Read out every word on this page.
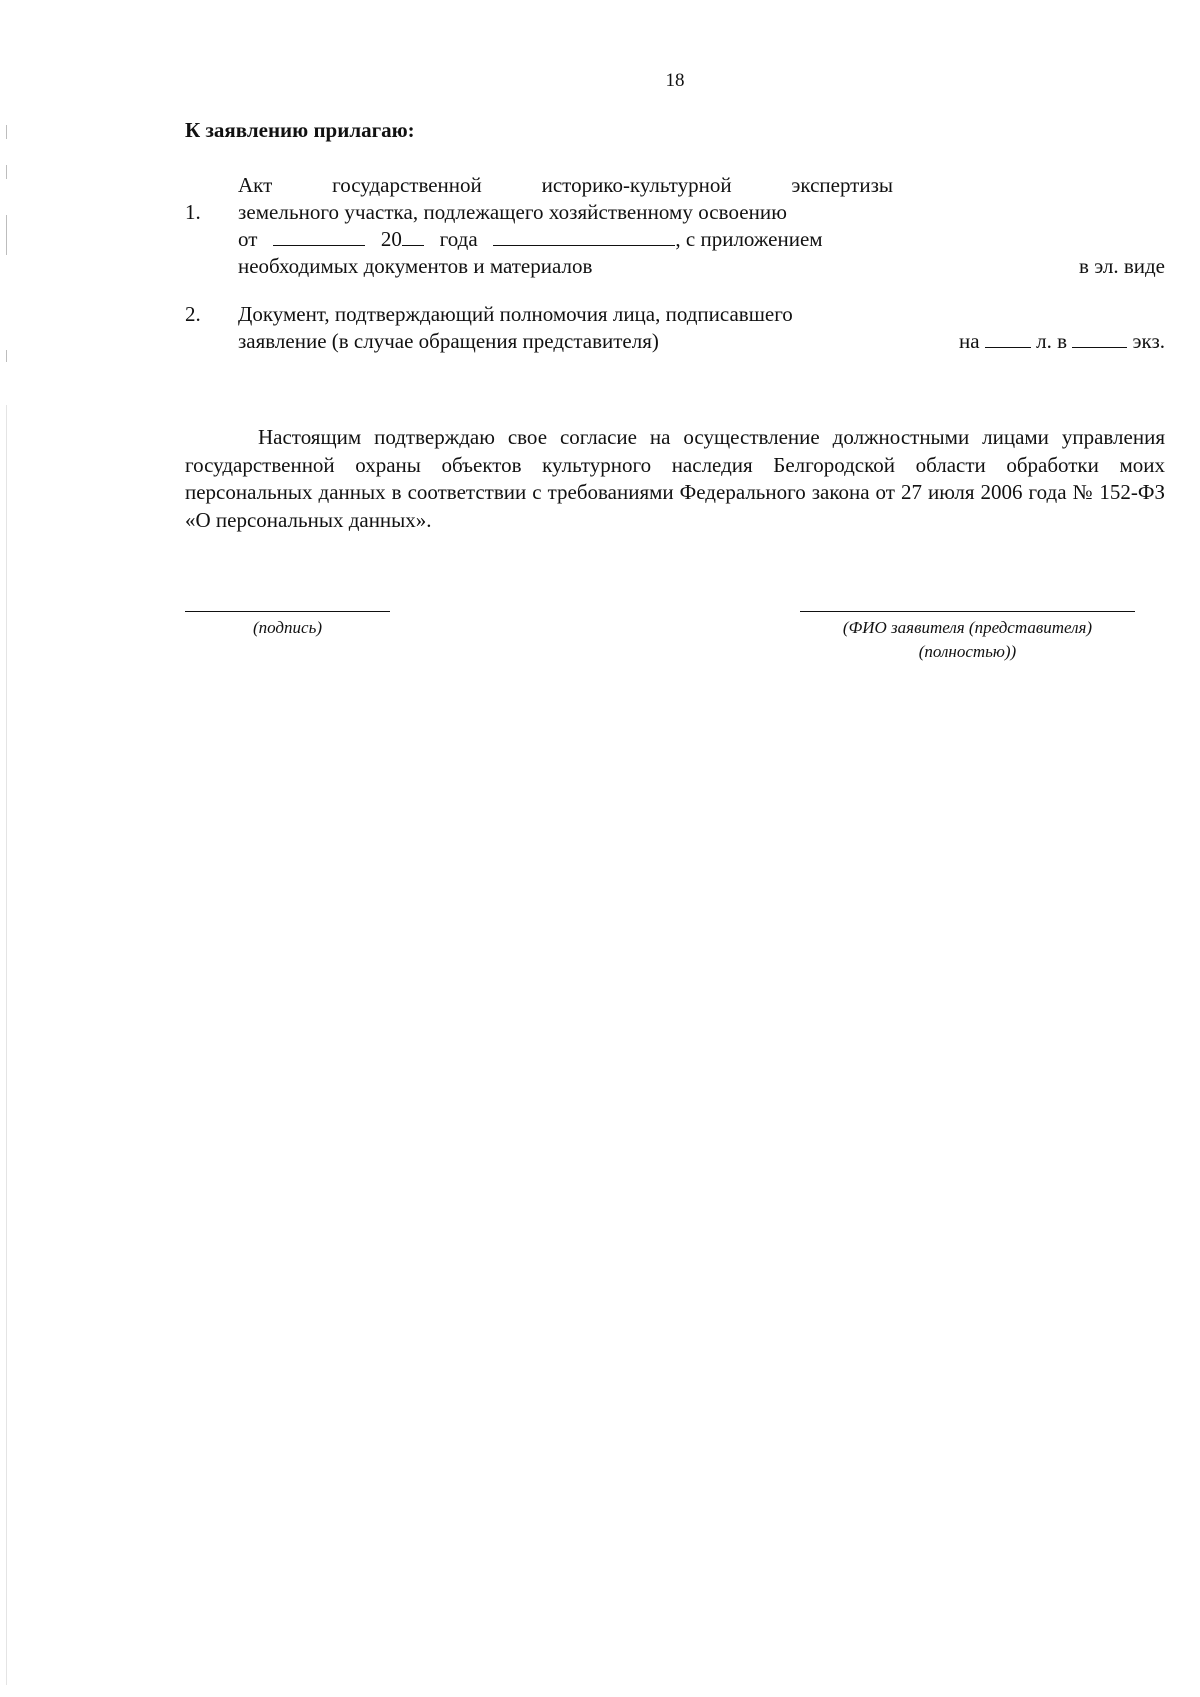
18
К заявлению прилагаю:
1.
Акт	государственной	историко-культурной	экспертизы
земельного участка, подлежащего хозяйственному освоению
от	20 года	, с приложением
необходимых документов и материалов	в эл. виде
2.	Документ, подтверждающий полномочия лица, подписавшего
заявление (в случае обращения представителя)	на	л. в	экз.
Настоящим подтверждаю свое согласие на осуществление должностными лицами управления государственной охраны объектов культурного наследия Белгородской области обработки моих персональных данных в соответствии с требованиями Федерального закона от 27 июля 2006 года № 152-ФЗ «О персональных данных».
(подпись)	(ФИО заявителя (представителя)
(полностью))
